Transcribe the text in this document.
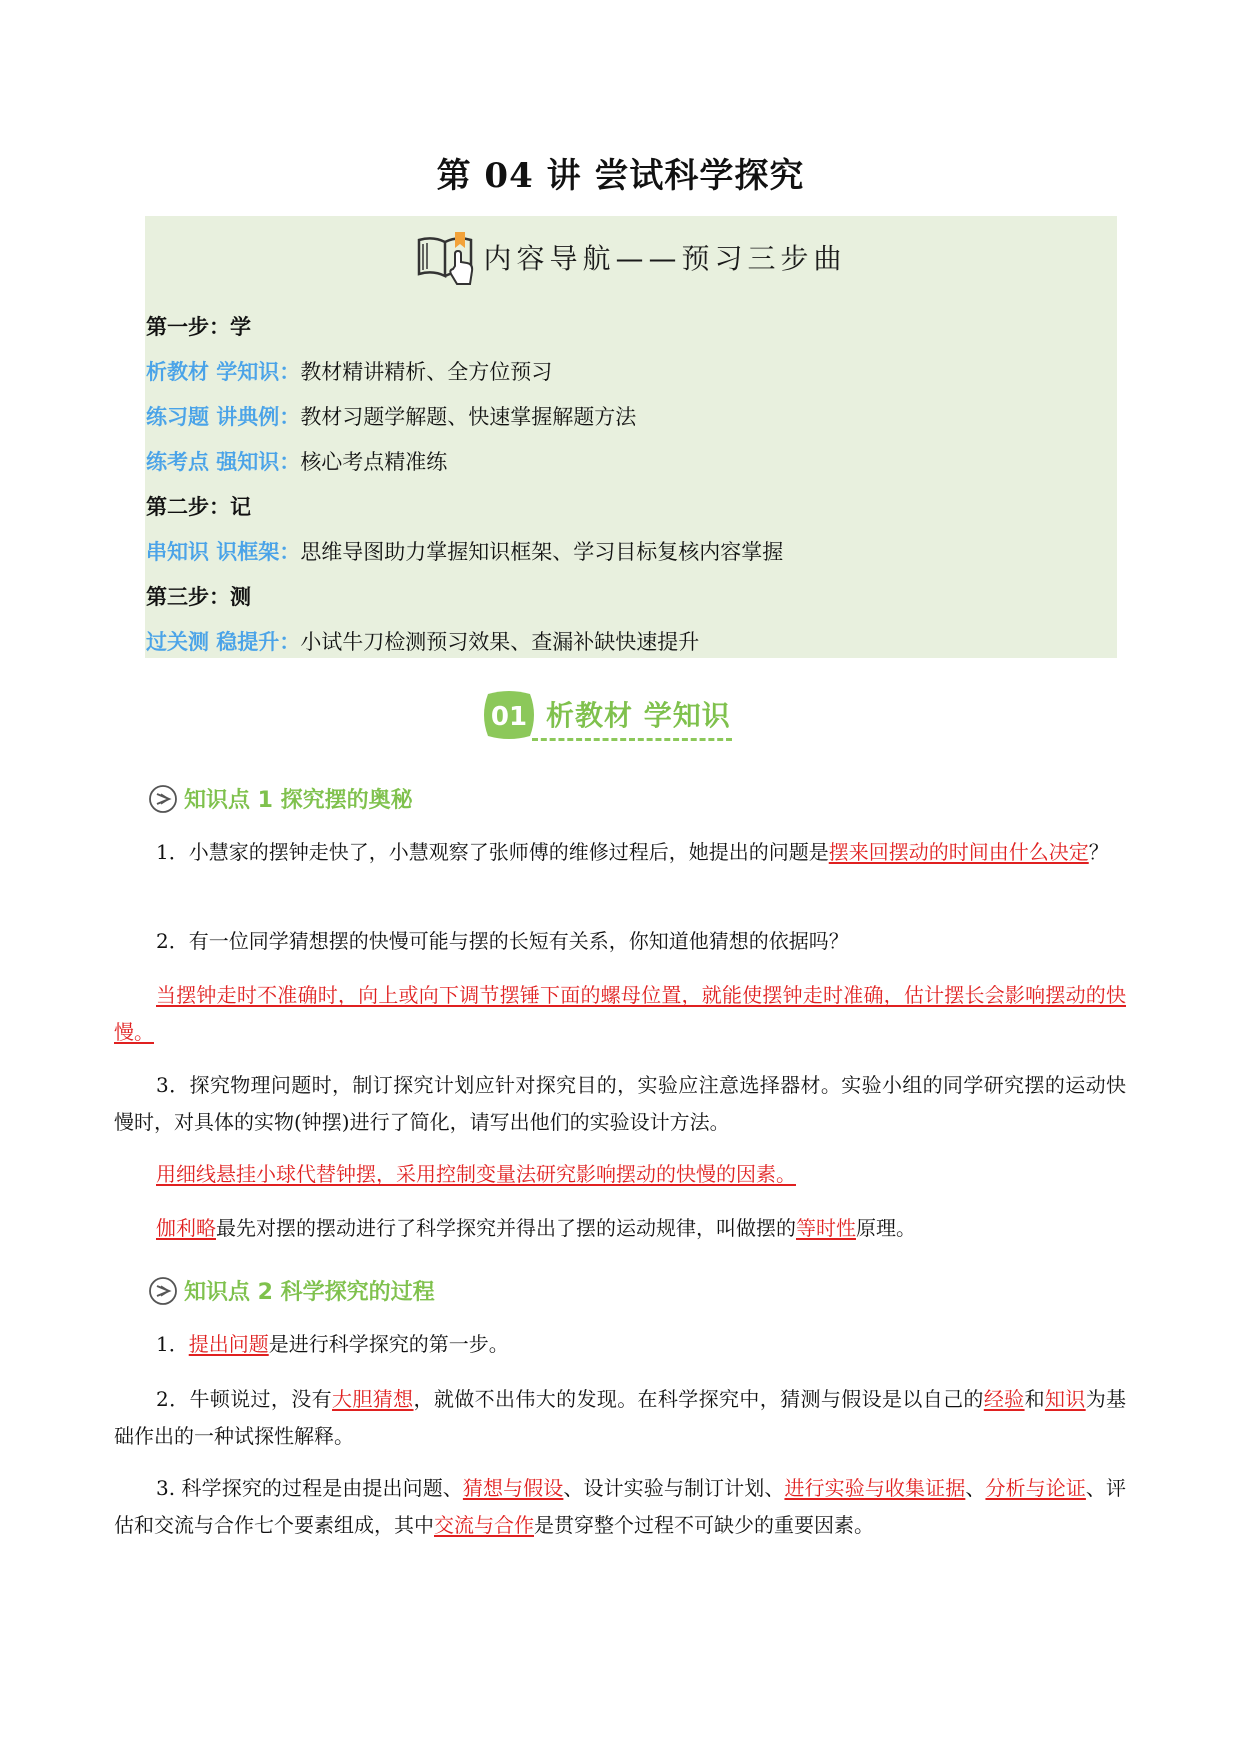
第 04 讲 尝试科学探究
内容导航——预习三步曲
第一步：学
析教材 学知识：教材精讲精析、全方位预习
练习题 讲典例：教材习题学解题、快速掌握解题方法
练考点 强知识：核心考点精准练
第二步：记
串知识 识框架：思维导图助力掌握知识框架、学习目标复核内容掌握
第三步：测
过关测 稳提升：小试牛刀检测预习效果、查漏补缺快速提升
01 析教材 学知识
知识点 1 探究摆的奥秘
1．小慧家的摆钟走快了，小慧观察了张师傅的维修过程后，她提出的问题是摆来回摆动的时间由什么决定？
2．有一位同学猜想摆的快慢可能与摆的长短有关系，你知道他猜想的依据吗？
当摆钟走时不准确时，向上或向下调节摆锤下面的螺母位置，就能使摆钟走时准确，估计摆长会影响摆动的快慢。
3．探究物理问题时，制订探究计划应针对探究目的，实验应注意选择器材。实验小组的同学研究摆的运动快慢时，对具体的实物(钟摆)进行了简化，请写出他们的实验设计方法。
用细线悬挂小球代替钟摆，采用控制变量法研究影响摆动的快慢的因素。
伽利略最先对摆的摆动进行了科学探究并得出了摆的运动规律，叫做摆的等时性原理。
知识点 2 科学探究的过程
1．提出问题是进行科学探究的第一步。
2．牛顿说过，没有大胆猜想，就做不出伟大的发现。在科学探究中，猜测与假设是以自己的经验和知识为基础作出的一种试探性解释。
3. 科学探究的过程是由提出问题、猜想与假设、设计实验与制订计划、进行实验与收集证据、分析与论证、评估和交流与合作七个要素组成，其中交流与合作是贯穿整个过程不可缺少的重要因素。
